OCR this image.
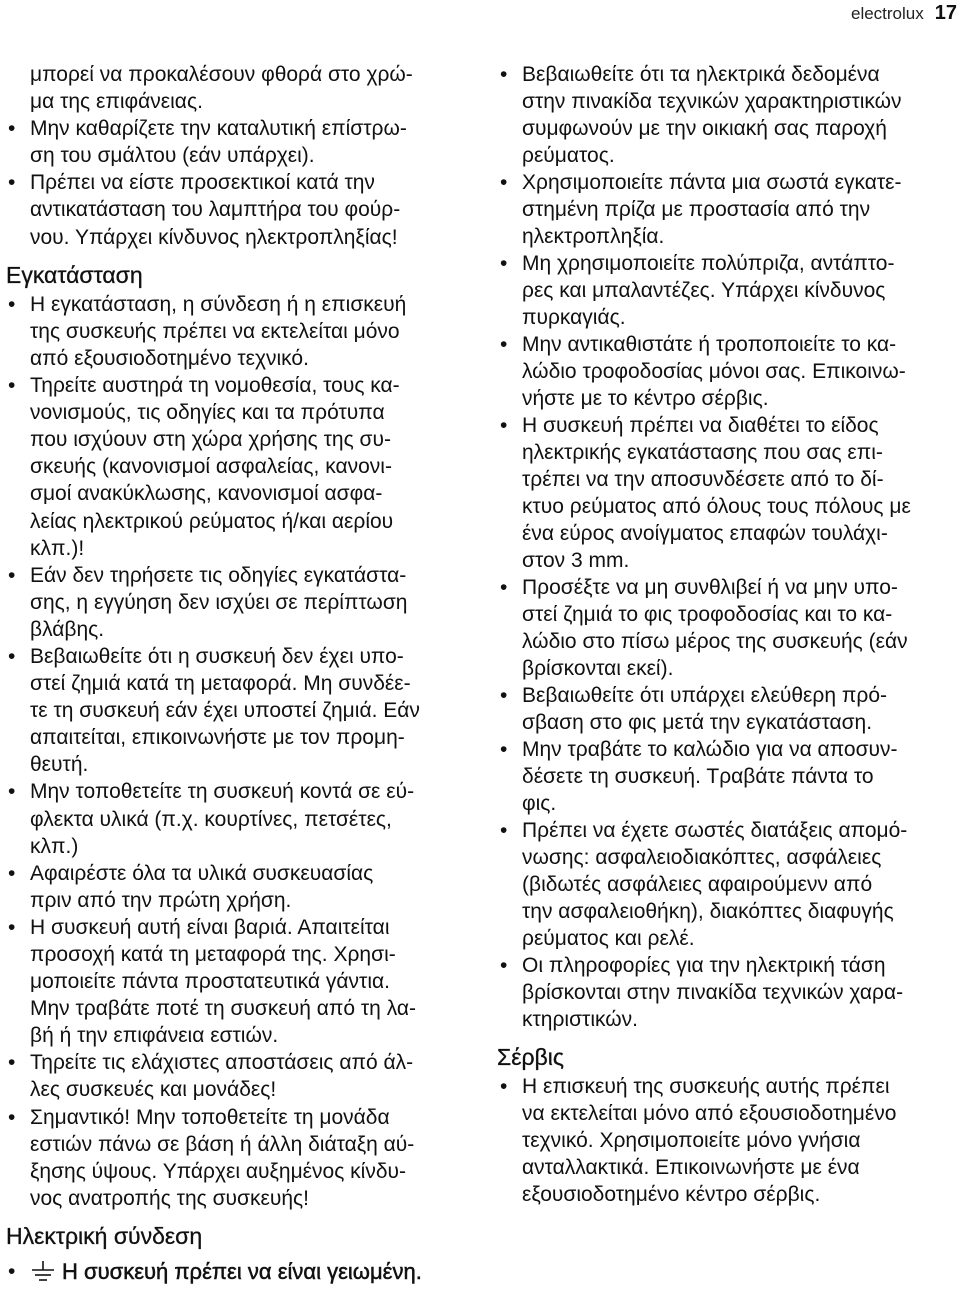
electrolux 17
μπορεί να προκαλέσουν φθορά στο χρώ-
μα της επιφάνειας.
• Μην καθαρίζετε την καταλυτική επίστρω-
ση του σμάλτου (εάν υπάρχει).
• Πρέπει να είστε προσεκτικοί κατά την
αντικατάσταση του λαμπτήρα του φούρ-
νου. Υπάρχει κίνδυνος ηλεκτροπληξίας!
Εγκατάσταση
• Η εγκατάσταση, η σύνδεση ή η επισκευή
της συσκευής πρέπει να εκτελείται μόνο
από εξουσιοδοτημένο τεχνικό.
• Τηρείτε αυστηρά τη νομοθεσία, τους κα-
νονισμούς, τις οδηγίες και τα πρότυπα
που ισχύουν στη χώρα χρήσης της συ-
σκευής (κανονισμοί ασφαλείας, κανονι-
σμοί ανακύκλωσης, κανονισμοί ασφα-
λείας ηλεκτρικού ρεύματος ή/και αερίου
κλπ.)!
• Εάν δεν τηρήσετε τις οδηγίες εγκατάστα-
σης, η εγγύηση δεν ισχύει σε περίπτωση
βλάβης.
• Βεβαιωθείτε ότι η συσκευή δεν έχει υπο-
στεί ζημιά κατά τη μεταφορά. Μη συνδέε-
τε τη συσκευή εάν έχει υποστεί ζημιά. Εάν
απαιτείται, επικοινωνήστε με τον προμη-
θευτή.
• Μην τοποθετείτε τη συσκευή κοντά σε εύ-
φλεκτα υλικά (π.χ. κουρτίνες, πετσέτες,
κλπ.)
• Αφαιρέστε όλα τα υλικά συσκευασίας
πριν από την πρώτη χρήση.
• Η συσκευή αυτή είναι βαριά. Απαιτείται
προσοχή κατά τη μεταφορά της. Χρησι-
μοποιείτε πάντα προστατευτικά γάντια.
Μην τραβάτε ποτέ τη συσκευή από τη λα-
βή ή την επιφάνεια εστιών.
• Τηρείτε τις ελάχιστες αποστάσεις από άλ-
λες συσκευές και μονάδες!
• Σημαντικό! Μην τοποθετείτε τη μονάδα
εστιών πάνω σε βάση ή άλλη διάταξη αύ-
ξησης ύψους. Υπάρχει αυξημένος κίνδυ-
νος ανατροπής της συσκευής!
Ηλεκτρική σύνδεση
•	Η συσκευή πρέπει να είναι γειωμένη.
• Βεβαιωθείτε ότι τα ηλεκτρικά δεδομένα
στην πινακίδα τεχνικών χαρακτηριστικών
συμφωνούν με την οικιακή σας παροχή
ρεύματος.
• Χρησιμοποιείτε πάντα μια σωστά εγκατε-
στημένη πρίζα με προστασία από την
ηλεκτροπληξία.
• Μη χρησιμοποιείτε πολύπριζα, αντάπτο-
ρες και μπαλαντέζες. Υπάρχει κίνδυνος
πυρκαγιάς.
• Μην αντικαθιστάτε ή τροποποιείτε το κα-
λώδιο τροφοδοσίας μόνοι σας. Επικοινω-
νήστε με το κέντρο σέρβις.
• Η συσκευή πρέπει να διαθέτει το είδος
ηλεκτρικής εγκατάστασης που σας επι-
τρέπει να την αποσυνδέσετε από το δί-
κτυο ρεύματος από όλους τους πόλους με
ένα εύρος ανοίγματος επαφών τουλάχι-
στον 3 mm.
• Προσέξτε να μη συνθλιβεί ή να μην υπο-
στεί ζημιά το φις τροφοδοσίας και το κα-
λώδιο στο πίσω μέρος της συσκευής (εάν
βρίσκονται εκεί).
• Βεβαιωθείτε ότι υπάρχει ελεύθερη πρό-
σβαση στο φις μετά την εγκατάσταση.
• Μην τραβάτε το καλώδιο για να αποσυν-
δέσετε τη συσκευή. Τραβάτε πάντα το
φις.
• Πρέπει να έχετε σωστές διατάξεις απομό-
νωσης: ασφαλειοδιακόπτες, ασφάλειες
(βιδωτές ασφάλειες αφαιρούμενν από
την ασφαλειοθήκη), διακόπτες διαφυγής
ρεύματος και ρελέ.
• Οι πληροφορίες για την ηλεκτρική τάση
βρίσκονται στην πινακίδα τεχνικών χαρα-
κτηριστικών.
Σέρβις
• Η επισκευή της συσκευής αυτής πρέπει
να εκτελείται μόνο από εξουσιοδοτημένο
τεχνικό. Χρησιμοποιείτε μόνο γνήσια
ανταλλακτικά. Επικοινωνήστε με ένα
εξουσιοδοτημένο κέντρο σέρβις.
